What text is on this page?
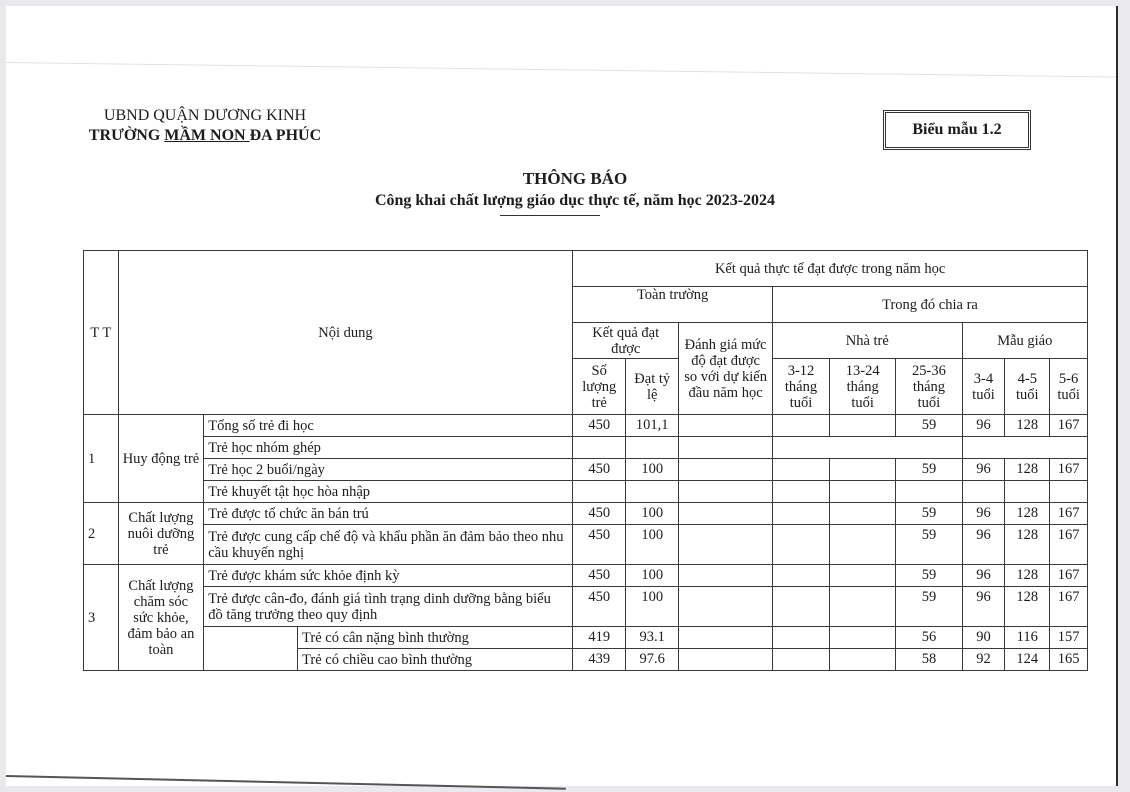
UBND QUẬN DƯƠNG KINH
TRƯỜNG MẦM NON ĐA PHÚC	Biểu mẫu 1.2
THÔNG BÁO
Công khai chất lượng giáo dục thực tế, năm học 2023-2024
T T	Nội dung			Kết quả thực tế đạt được trong năm học								
				Toàn trường			Trong đó chia ra					
				Kết quả đạt được		Đánh giá mức độ đạt được so với dự kiến đầu năm học	Nhà trẻ			Mẫu giáo		
				Số lượng trẻ	Đạt tỷ lệ		3-12 tháng tuổi	13-24 tháng tuổi	25-36 tháng tuổi	3-4 tuổi	4-5 tuổi	5-6 tuổi
1	Huy động trẻ	Tổng số trẻ đi học		450	101,1				59	96	128	167
		Trẻ học nhóm ghép										
		Trẻ học 2 buổi/ngày		450	100				59	96	128	167
		Trẻ khuyết tật học hòa nhập										
2	Chất lượng nuôi dưỡng trẻ	Trẻ được tổ chức ăn bán trú		450	100				59	96	128	167
		Trẻ được cung cấp chế độ và khẩu phần ăn đảm bảo theo nhu cầu khuyến nghị		450	100				59	96	128	167
3	Chất lượng chăm sóc sức khỏe, đảm bảo an toàn	Trẻ được khám sức khỏe định kỳ		450	100				59	96	128	167
		Trẻ được cân-đo, đánh giá tình trạng dinh dưỡng bằng biểu đồ tăng trưởng theo quy định		450	100				59	96	128	167
			Trẻ có cân nặng bình thường	419	93.1				56	90	116	157
			Trẻ có chiều cao bình thường	439	97.6				58	92	124	165
